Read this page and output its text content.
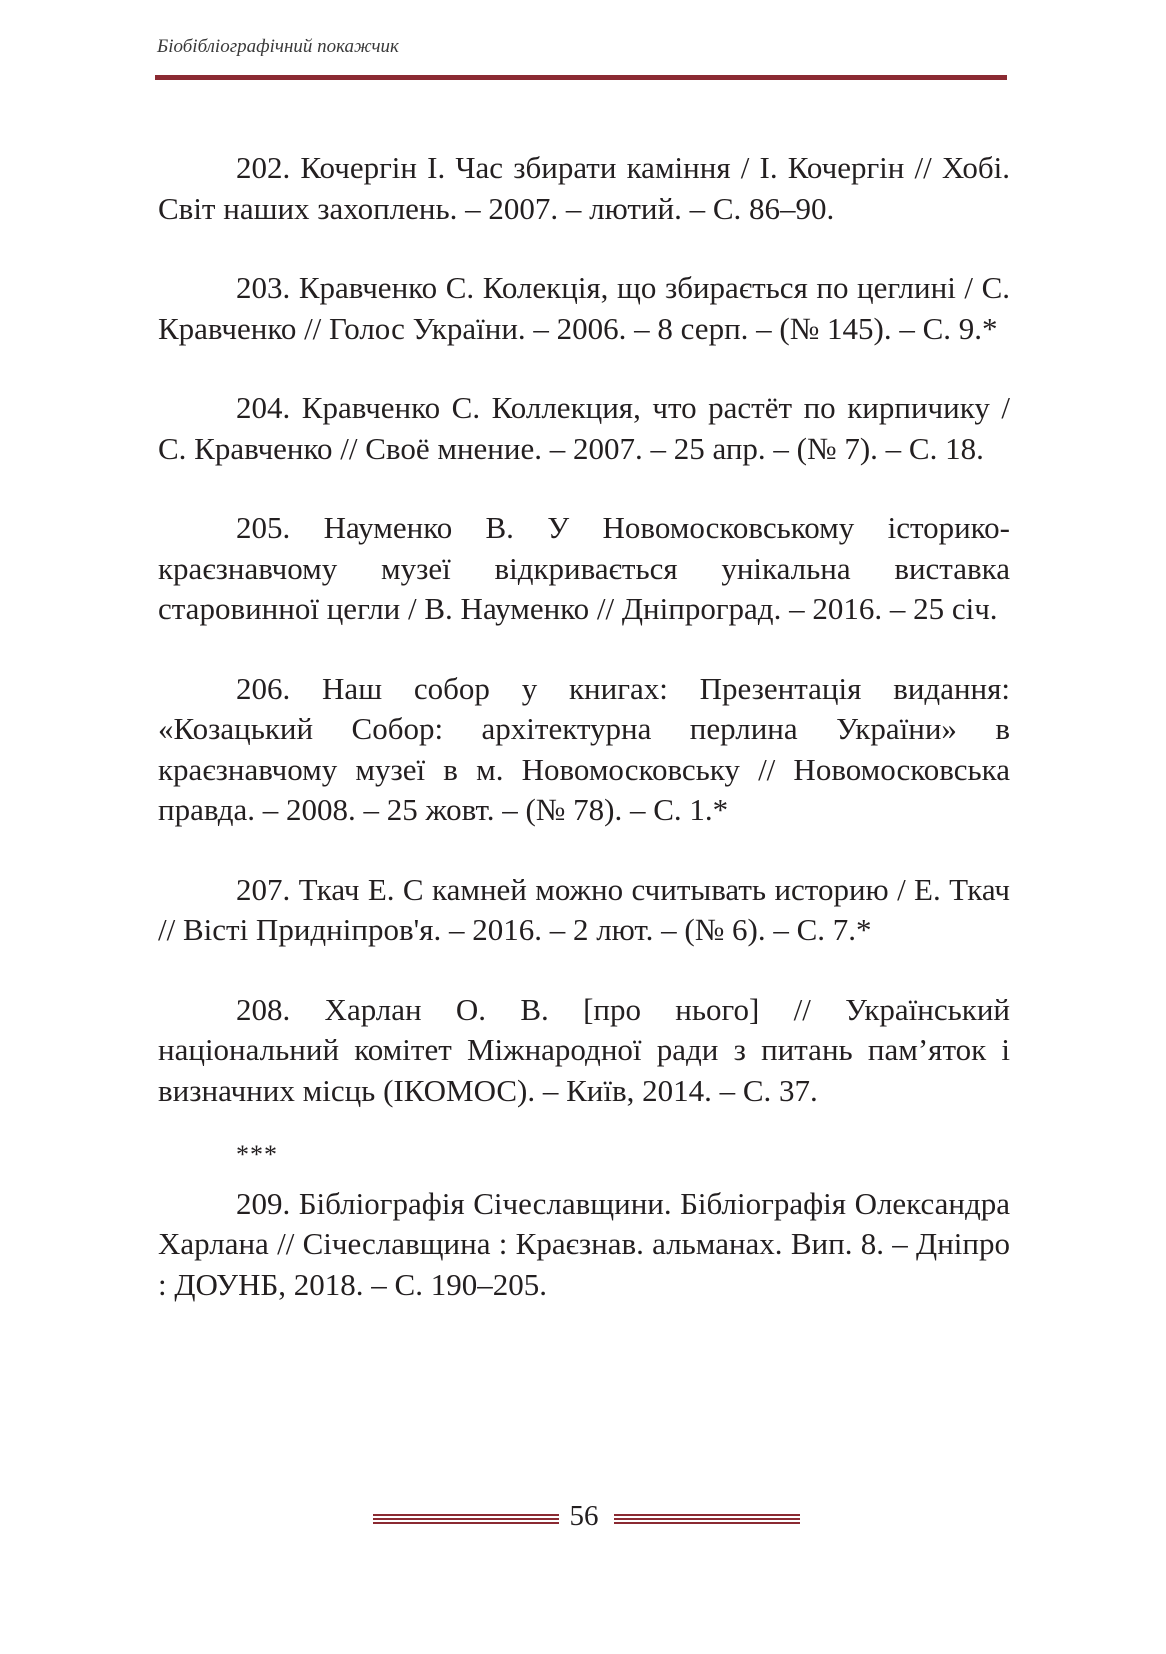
Біобібліографічний покажчик

202. Кочергін І. Час збирати каміння / І. Кочергін // Хобі. Світ наших захоплень. – 2007. – лютий. – С. 86–90.

203. Кравченко С. Колекція, що збирається по цеглині / С. Кравченко // Голос України. – 2006. – 8 серп. – (№ 145). – С. 9.*

204. Кравченко С. Коллекция, что растёт по кирпичику / С. Кравченко // Своё мнение. – 2007. – 25 апр. – (№ 7). – С. 18.

205. Науменко В. У Новомосковському історико-краєзнавчому музеї відкривається унікальна виставка старовинної цегли / В. Науменко // Дніпроград. – 2016. – 25 січ.

206. Наш собор у книгах: Презентація видання: «Козацький Собор: архітектурна перлина України» в краєзнавчому музеї в м. Новомосковську // Новомосковська правда. – 2008. – 25 жовт. – (№ 78). – С. 1.*

207. Ткач Е. С камней можно считывать историю / Е. Ткач // Вісті Придніпров'я. – 2016. – 2 лют. – (№ 6). – С. 7.*

208. Харлан О. В. [про нього] // Український національний комітет Міжнародної ради з питань пам’яток і визначних місць (ІКОМОС). – Київ, 2014. – С. 37.

***

209. Бібліографія Січеславщини. Бібліографія Олександра Харлана // Січеславщина : Краєзнав. альманах. Вип. 8. – Дніпро : ДОУНБ, 2018. – С. 190–205.

56
